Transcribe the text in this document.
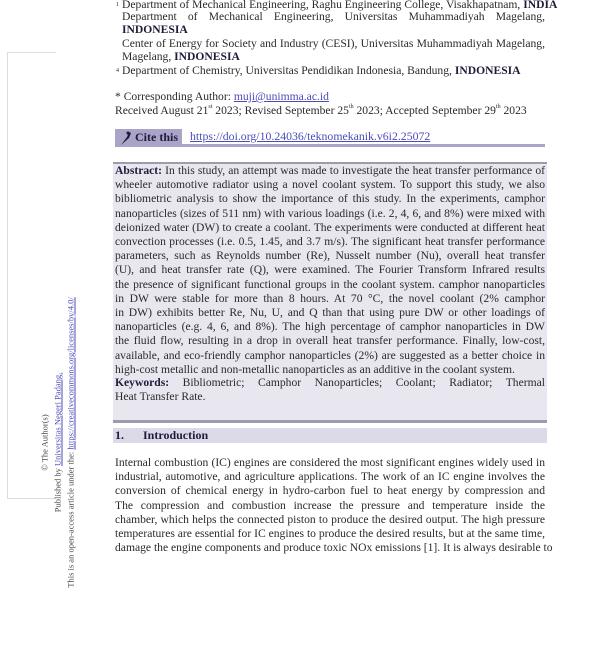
© The Author(s)
Published by Universitas Negeri Padang.
This is an open-access article under the: https://creativecommons.org/licenses/by/4.0/
1 Department of Mechanical Engineering, Raghu Engineering College, Visakhapatnam, INDIA
Department of Mechanical Engineering, Universitas Muhammadiyah Magelang,
INDONESIA
Center of Energy for Society and Industry (CESI), Universitas Muhammadiyah Magelang,
Magelang, INDONESIA
4 Department of Chemistry, Universitas Pendidikan Indonesia, Bandung, INDONESIA
* Corresponding Author: muji@unimma.ac.id
Received August 21st 2023; Revised September 25th 2023; Accepted September 29th 2023
Cite this https://doi.org/10.24036/teknomekanik.v6i2.25072
Abstract: In this study, an attempt was made to investigate the heat transfer performance of
wheeler automotive radiator using a novel coolant system. To support this study, we also
bibliometric analysis to show the importance of this study. In the experiments, camphor
nanoparticles (sizes of 511 nm) with various loadings (i.e. 2, 4, 6, and 8%) were mixed with
deionized water (DW) to create a coolant. The experiments were conducted at different heat
convection processes (i.e. 0.5, 1.45, and 3.7 m/s). The significant heat transfer performance
parameters, such as Reynolds number (Re), Nusselt number (Nu), overall heat transfer
(U), and heat transfer rate (Q), were examined. The Fourier Transform Infrared results
the presence of significant functional groups in the coolant system. camphor nanoparticles
in DW were stable for more than 8 hours. At 70 °C, the novel coolant (2% camphor
in DW) exhibits better Re, Nu, U, and Q than that using pure DW or other loadings of
nanoparticles (e.g. 4, 6, and 8%). The high percentage of camphor nanoparticles in DW
the fluid flow, resulting in a drop in overall heat transfer performance. Finally, low-cost,
available, and eco-friendly camphor nanoparticles (2%) are suggested as a better choice in
high-cost metallic and non-metallic nanoparticles as an additive in the coolant system.
Keywords: Bibliometric; Camphor Nanoparticles; Coolant; Radiator; Thermal
Heat Transfer Rate.
1. Introduction
Internal combustion (IC) engines are considered the most significant engines widely used in
industrial, automotive, and agriculture applications. The work of an IC engine involves the
conversion of chemical energy in hydro-carbon fuel to heat energy by compression and
The compression and combustion increase the pressure and temperature inside the
chamber, which helps the connected piston to produce the desired output. The high pressure
temperatures are essential for IC engines to produce the desired results, but at the same time,
damage the engine components and produce toxic NOx emissions [1]. It is always desirable to
